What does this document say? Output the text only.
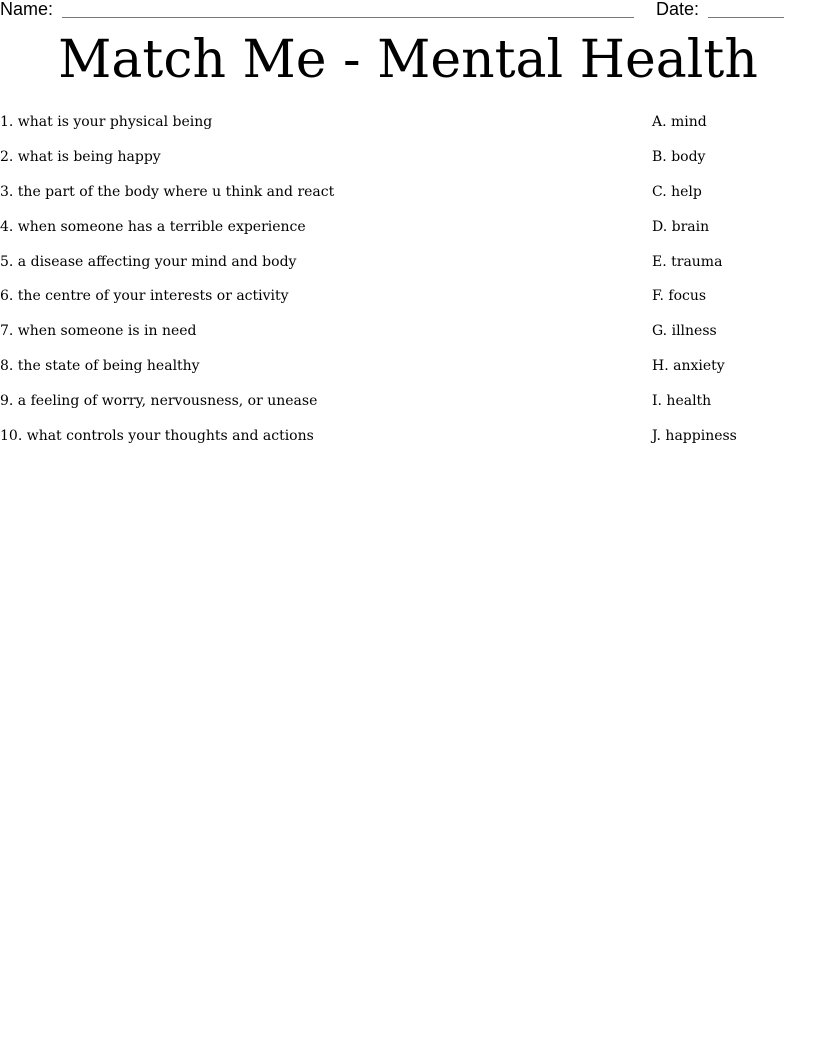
Name:	Date:
Match Me - Mental Health
1. what is your physical being
2. what is being happy
3. the part of the body where u think and react
4. when someone has a terrible experience
5. a disease affecting your mind and body
6. the centre of your interests or activity
7. when someone is in need
8. the state of being healthy
9. a feeling of worry, nervousness, or unease
10. what controls your thoughts and actions
A. mind
B. body
C. help
D. brain
E. trauma
F. focus
G. illness
H. anxiety
I. health
J. happiness
